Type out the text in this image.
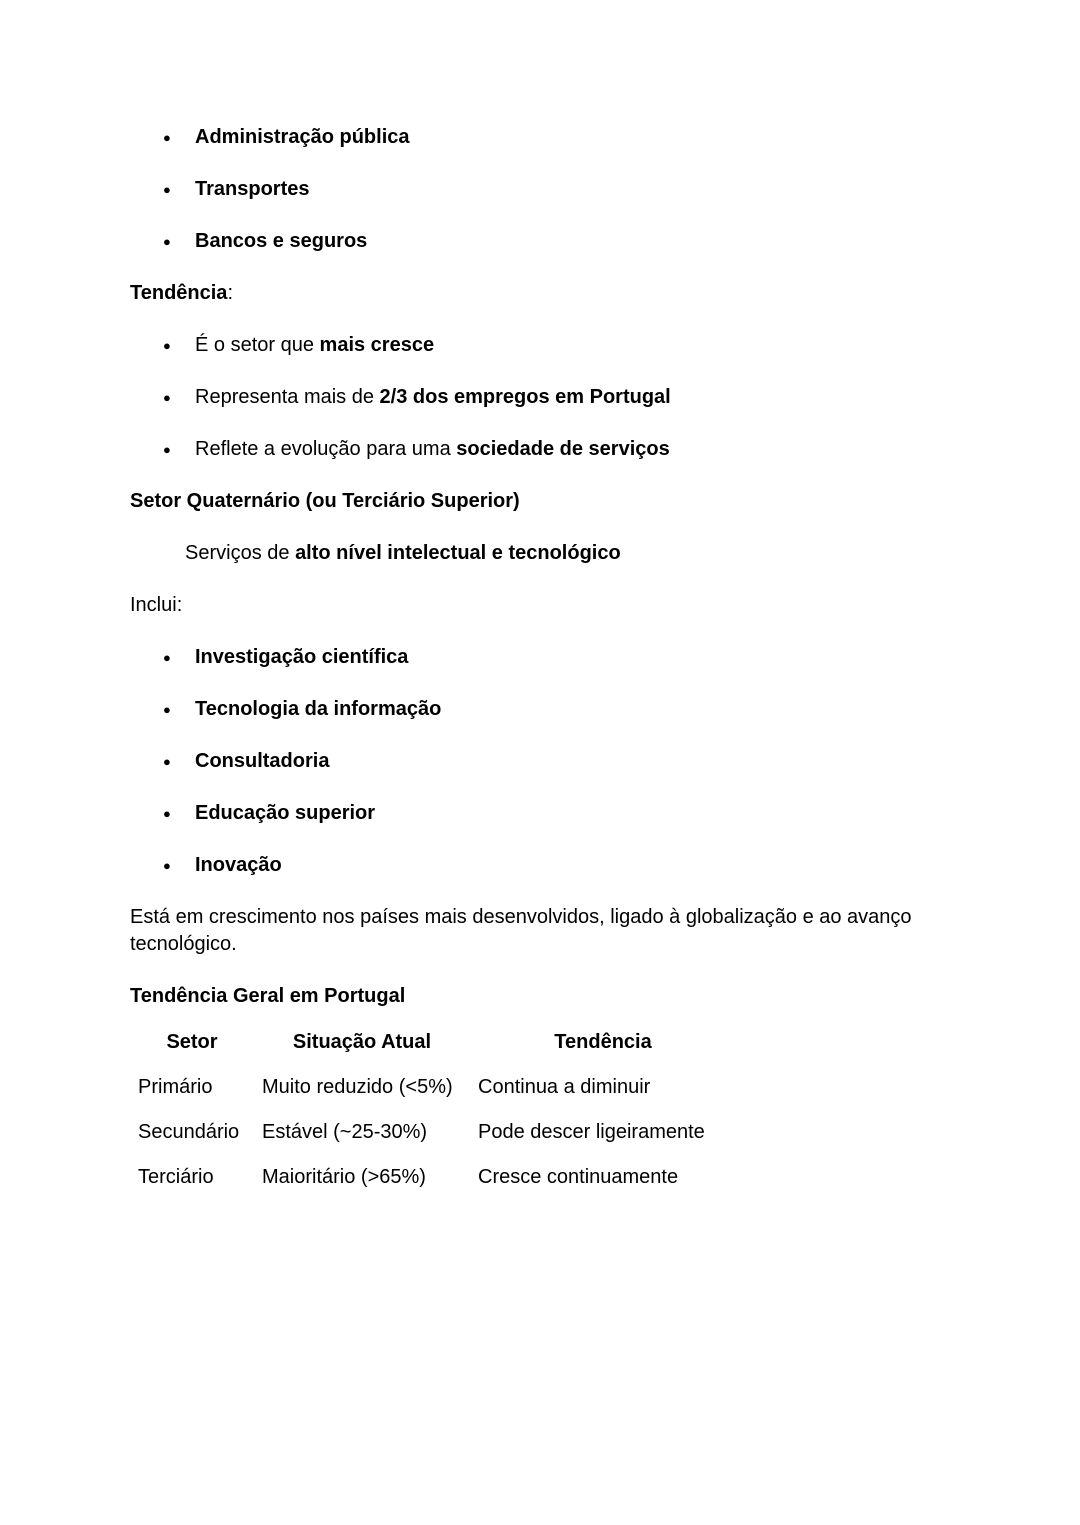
● Administração pública
● Transportes
● Bancos e seguros

Tendência:

● É o setor que mais cresce
● Representa mais de 2/3 dos empregos em Portugal
● Reflete a evolução para uma sociedade de serviços

Setor Quaternário (ou Terciário Superior)

Serviços de alto nível intelectual e tecnológico

Inclui:

● Investigação científica
● Tecnologia da informação
● Consultadoria
● Educação superior
● Inovação

Está em crescimento nos países mais desenvolvidos, ligado à globalização e ao avanço tecnológico.

Tendência Geral em Portugal

Setor	Situação Atual	Tendência
Primário	Muito reduzido (<5%)	Continua a diminuir
Secundário	Estável (~25-30%)	Pode descer ligeiramente
Terciário	Maioritário (>65%)	Cresce continuamente
